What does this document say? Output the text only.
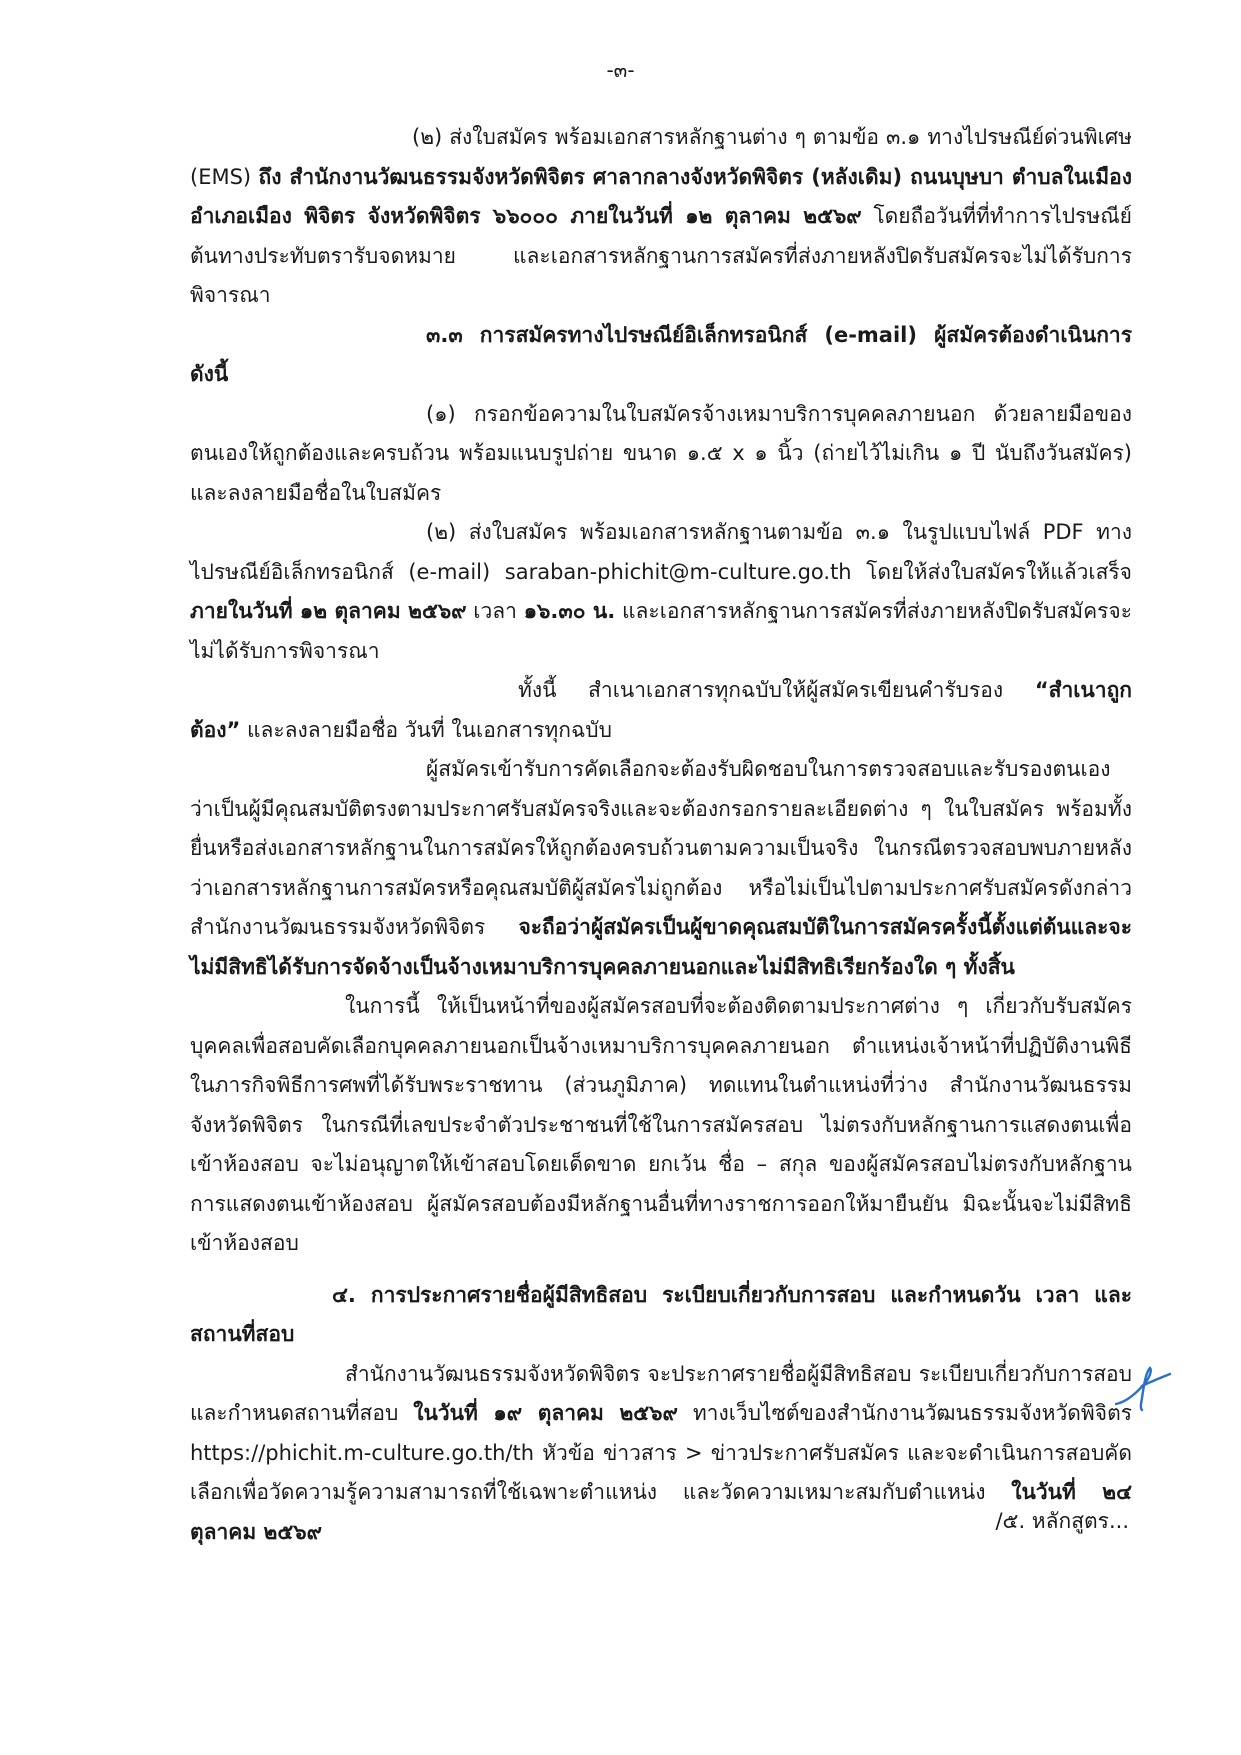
-๓-

(๒) ส่งใบสมัคร พร้อมเอกสารหลักฐานต่าง ๆ ตามข้อ ๓.๑ ทางไปรษณีย์ด่วนพิเศษ (EMS) ถึง สำนักงานวัฒนธรรมจังหวัดพิจิตร ศาลากลางจังหวัดพิจิตร (หลังเดิม) ถนนบุษบา ตำบลในเมือง อำเภอเมือง พิจิตร จังหวัดพิจิตร ๖๖๐๐๐ ภายในวันที่ ๑๒ ตุลาคม ๒๕๖๙ โดยถือวันที่ที่ทำการไปรษณีย์ต้นทางประทับตรารับจดหมาย และเอกสารหลักฐานการสมัครที่ส่งภายหลังปิดรับสมัครจะไม่ได้รับการพิจารณา

๓.๓ การสมัครทางไปรษณีย์อิเล็กทรอนิกส์ (e-mail) ผู้สมัครต้องดำเนินการ ดังนี้

(๑) กรอกข้อความในใบสมัครจ้างเหมาบริการบุคคลภายนอก ด้วยลายมือของตนเองให้ถูกต้องและครบถ้วน พร้อมแนบรูปถ่าย ขนาด ๑.๕ x ๑ นิ้ว (ถ่ายไว้ไม่เกิน ๑ ปี นับถึงวันสมัคร) และลงลายมือชื่อในใบสมัคร

(๒) ส่งใบสมัคร พร้อมเอกสารหลักฐานตามข้อ ๓.๑ ในรูปแบบไฟล์ PDF ทางไปรษณีย์อิเล็กทรอนิกส์ (e-mail) saraban-phichit@m-culture.go.th โดยให้ส่งใบสมัครให้แล้วเสร็จ ภายในวันที่ ๑๒ ตุลาคม ๒๕๖๙ เวลา ๑๖.๓๐ น. และเอกสารหลักฐานการสมัครที่ส่งภายหลังปิดรับสมัครจะไม่ได้รับการพิจารณา

ทั้งนี้ สำเนาเอกสารทุกฉบับให้ผู้สมัครเขียนคำรับรอง “สำเนาถูกต้อง” และลงลายมือชื่อ วันที่ ในเอกสารทุกฉบับ

ผู้สมัครเข้ารับการคัดเลือกจะต้องรับผิดชอบในการตรวจสอบและรับรองตนเองว่าเป็นผู้มีคุณสมบัติตรงตามประกาศรับสมัครจริงและจะต้องกรอกรายละเอียดต่าง ๆ ในใบสมัคร พร้อมทั้งยื่นหรือส่งเอกสารหลักฐานในการสมัครให้ถูกต้องครบถ้วนตามความเป็นจริง ในกรณีตรวจสอบพบภายหลังว่าเอกสารหลักฐานการสมัครหรือคุณสมบัติผู้สมัครไม่ถูกต้อง หรือไม่เป็นไปตามประกาศรับสมัครดังกล่าว สำนักงานวัฒนธรรมจังหวัดพิจิตร จะถือว่าผู้สมัครเป็นผู้ขาดคุณสมบัติในการสมัครครั้งนี้ตั้งแต่ต้นและจะไม่มีสิทธิได้รับการจัดจ้างเป็นจ้างเหมาบริการบุคคลภายนอกและไม่มีสิทธิเรียกร้องใด ๆ ทั้งสิ้น

ในการนี้ ให้เป็นหน้าที่ของผู้สมัครสอบที่จะต้องติดตามประกาศต่าง ๆ เกี่ยวกับรับสมัครบุคคลเพื่อสอบคัดเลือกบุคคลภายนอกเป็นจ้างเหมาบริการบุคคลภายนอก ตำแหน่งเจ้าหน้าที่ปฏิบัติงานพิธี ในภารกิจพิธีการศพที่ได้รับพระราชทาน (ส่วนภูมิภาค) ทดแทนในตำแหน่งที่ว่าง สำนักงานวัฒนธรรมจังหวัดพิจิตร ในกรณีที่เลขประจำตัวประชาชนที่ใช้ในการสมัครสอบ ไม่ตรงกับหลักฐานการแสดงตนเพื่อเข้าห้องสอบ จะไม่อนุญาตให้เข้าสอบโดยเด็ดขาด ยกเว้น ชื่อ – สกุล ของผู้สมัครสอบไม่ตรงกับหลักฐานการแสดงตนเข้าห้องสอบ ผู้สมัครสอบต้องมีหลักฐานอื่นที่ทางราชการออกให้มายืนยัน มิฉะนั้นจะไม่มีสิทธิเข้าห้องสอบ

๔. การประกาศรายชื่อผู้มีสิทธิสอบ ระเบียบเกี่ยวกับการสอบ และกำหนดวัน เวลา และสถานที่สอบ

สำนักงานวัฒนธรรมจังหวัดพิจิตร จะประกาศรายชื่อผู้มีสิทธิสอบ ระเบียบเกี่ยวกับการสอบและกำหนดสถานที่สอบ ในวันที่ ๑๙ ตุลาคม ๒๕๖๙ ทางเว็บไซต์ของสำนักงานวัฒนธรรมจังหวัดพิจิตร https://phichit.m-culture.go.th/th หัวข้อ ข่าวสาร > ข่าวประกาศรับสมัคร และจะดำเนินการสอบคัดเลือกเพื่อวัดความรู้ความสามารถที่ใช้เฉพาะตำแหน่ง และวัดความเหมาะสมกับตำแหน่ง ในวันที่ ๒๔ ตุลาคม ๒๕๖๙	/๕. หลักสูตร...
